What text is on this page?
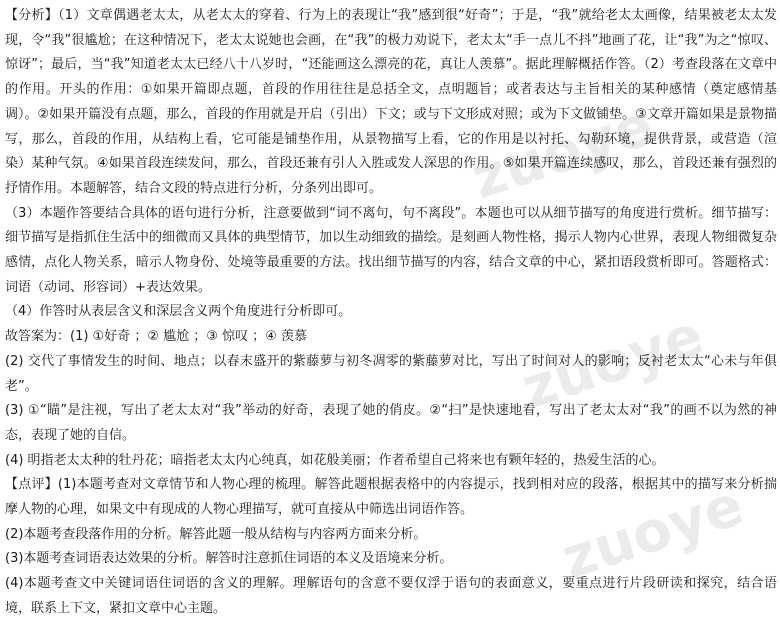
zuoye
zuoye
zuoye

【分析】（1）文章偶遇老太太，从老太太的穿着、行为上的表现让“我”感到很“好奇”；于是，“我”就给老太太画像，结果被老太太发现，令“我”很尴尬；在这种情况下，老太太说她也会画，在“我”的极力劝说下，老太太“手一点儿不抖”地画了花，让“我”为之“惊叹、惊讶”；最后，当“我”知道老太太已经八十八岁时，“还能画这么漂亮的花，真让人羡慕”。据此理解概括作答。（2）考查段落在文章中的作用。开头的作用：①如果开篇即点题，首段的作用往往是总括全文，点明题旨；或者表达与主旨相关的某种感情（奠定感情基调）。②如果开篇没有点题，那么，首段的作用就是开启（引出）下文；或与下文形成对照；或为下文做铺垫。③文章开篇如果是景物描写，那么，首段的作用，从结构上看，它可能是铺垫作用，从景物描写上看，它的作用是以衬托、勾勒环境，提供背景，或营造（渲染）某种气氛。④如果首段连续发问，那么，首段还兼有引人入胜或发人深思的作用。⑤如果开篇连续感叹，那么，首段还兼有强烈的抒情作用。本题解答，结合文段的特点进行分析，分条列出即可。

（3）本题作答要结合具体的语句进行分析，注意要做到“词不离句，句不离段”。本题也可以从细节描写的角度进行赏析。细节描写：细节描写是指抓住生活中的细微而又具体的典型情节，加以生动细致的描绘。是刻画人物性格，揭示人物内心世界，表现人物细微复杂感情，点化人物关系，暗示人物身份、处境等最重要的方法。找出细节描写的内容，结合文章的中心，紧扣语段赏析即可。答题格式：词语（动词、形容词）+表达效果。

（4）作答时从表层含义和深层含义两个角度进行分析即可。

故答案为：(1) ①好奇 ；② 尴尬 ；③ 惊叹 ；④ 羡慕

(2) 交代了事情发生的时间、地点；以春末盛开的紫藤萝与初冬凋零的紫藤萝对比，写出了时间对人的影响；反衬老太太“心未与年俱老”。

(3) ①“瞄”是注视，写出了老太太对“我”举动的好奇，表现了她的俏皮。②“扫”是快速地看，写出了老太太对“我”的画不以为然的神态，表现了她的自信。

(4) 明指老太太种的牡丹花；暗指老太太内心纯真，如花般美丽；作者希望自己将来也有颗年轻的，热爱生活的心。

【点评】(1)本题考查对文章情节和人物心理的梳理。解答此题根据表格中的内容提示，找到相对应的段落，根据其中的描写来分析揣摩人物的心理，如果文中有现成的人物心理描写，就可直接从中筛选出词语作答。

(2)本题考查段落作用的分析。解答此题一般从结构与内容两方面来分析。

(3)本题考查词语表达效果的分析。解答时注意抓住词语的本义及语境来分析。

(4)本题考查文中关键词语住词语的含义的理解。理解语句的含意不要仅浮于语句的表面意义，要重点进行片段研读和探究，结合语境，联系上下文，紧扣文章中心主题。
